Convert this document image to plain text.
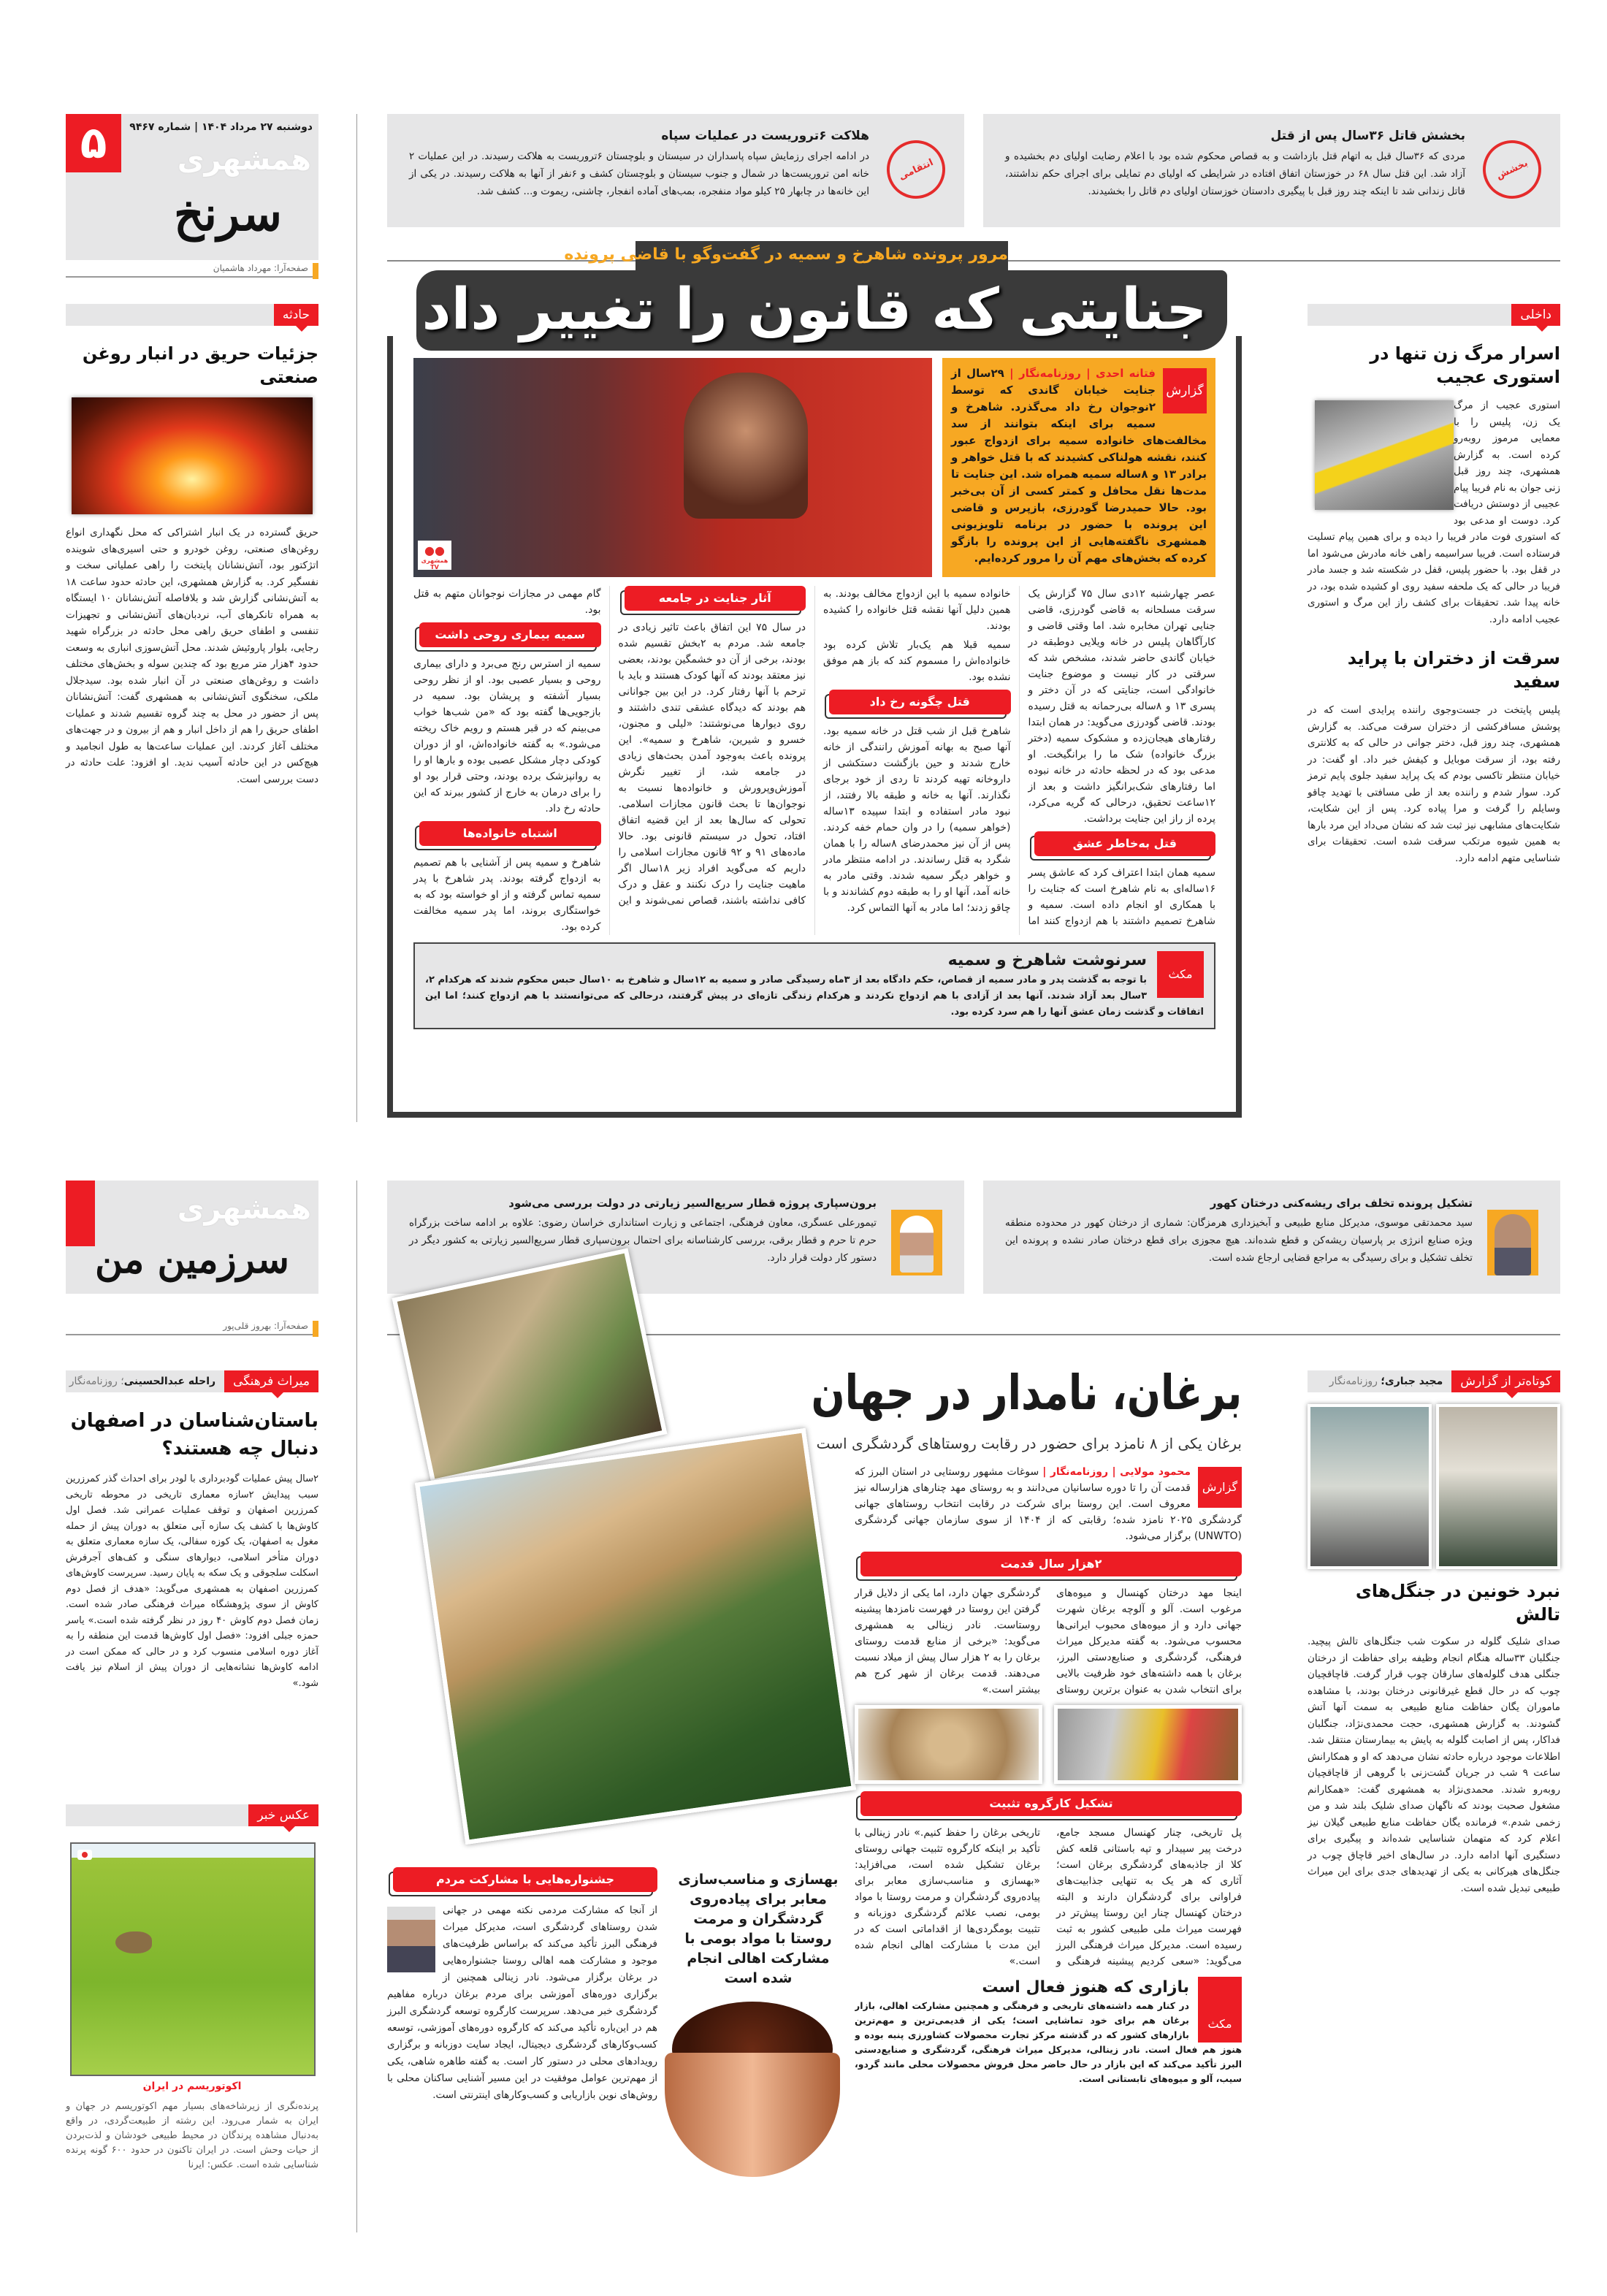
۵	دوشنبه ۲۷ مرداد ۱۴۰۴ | شماره ۹۴۶۷
همشهری
سرنخ
صفحه‌آرا: مهرداد هاشمیان
انتقامی
هلاکت ۶تروریست در عملیات سپاه
در ادامه اجرای رزمایش سپاه پاسداران در سیستان و بلوچستان ۶تروریست به هلاکت رسیدند. در این عملیات ۲ خانه امن تروریست‌ها در شمال و جنوب سیستان و بلوچستان کشف و ۶نفر از آنها به هلاکت رسیدند. در یکی از این خانه‌ها در چابهار ۲۵ کیلو مواد منفجره، بمب‌های آماده انفجار، چاشنی، ریموت و... کشف شد.
بخشش
بخشش قاتل ۳۶سال پس از قتل
مردی که ۳۶سال قبل به اتهام قتل بازداشت و به قصاص محکوم شده بود با اعلام رضایت اولیای دم بخشیده و آزاد شد. این قتل سال ۶۸ در خوزستان اتفاق افتاده در شرایطی که اولیای دم تمایلی برای اجرای حکم نداشتند، قاتل زندانی شد تا اینکه چند روز قبل با پیگیری دادستان خوزستان اولیای دم قاتل را بخشیدند.
مرور پرونده شاهرخ و سمیه در گفت‌وگو با قاضی پرونده
جنایتی که قانون را تغییر داد
●●
همشهری TV
گزارش
فتانه احدی | روزنامه‌نگار | ۲۹سال از جنایت خیابان گاندی که توسط ۲نوجوان رخ داد می‌گذرد. شاهرخ و سمیه برای اینکه بتوانند از سد مخالفت‌های خانواده سمیه برای ازدواج عبور کنند، نقشه هولناکی کشیدند که با قتل خواهر و برادر ۱۳ و ۸ساله سمیه همراه شد. این جنایت تا مدت‌ها نقل محافل و کمتر کسی از آن بی‌خبر بود. حالا حمیدرضا گودرزی، بازپرس و قاضی این پرونده با حضور در برنامه تلویزیونی همشهری ناگفته‌هایی از این پرونده را بازگو کرده که بخش‌های مهم آن را مرور کرده‌ایم.
عصر چهارشنبه ۱۲دی سال ۷۵ گزارش یک سرقت مسلحانه به قاضی گودرزی، قاضی جنایی تهران مخابره شد. اما وقتی قاضی و کارآگاهان پلیس در خانه ویلایی دوطبقه در خیابان گاندی حاضر شدند، مشخص شد که سرقتی در کار نیست و موضوع جنایت خانوادگی است، جنایتی که در آن دختر و پسری ۱۳ و ۸ساله بی‌رحمانه به قتل رسیده بودند. قاضی گودرزی می‌گوید: در همان ابتدا رفتارهای هیجان‌زده و مشکوک سمیه (دختر بزرگ خانواده) شک ما را برانگیخت. او مدعی بود که در لحظه حادثه در خانه نبوده اما رفتارهای شک‌برانگیز داشت و بعد از ۱۲ساعت تحقیق، درحالی که گریه می‌کرد، پرده از راز این جنایت برداشت.
قتل به‌خاطر عشق
سمیه همان ابتدا اعتراف کرد که عاشق پسر ۱۶ساله‌ای به نام شاهرخ است که جنایت را با همکاری او انجام داده است. سمیه و شاهرخ تصمیم داشتند با هم ازدواج کنند اما خانواده سمیه با این ازدواج مخالف بودند. به همین دلیل آنها نقشه قتل خانواده را کشیده بودند.
سمیه قبلا هم یک‌بار تلاش کرده بود خانواده‌اش را مسموم کند که باز هم موفق نشده بود.
قتل چگونه رخ داد
شاهرخ قبل از شب قتل در خانه سمیه بود. آنها صبح به بهانه آموزش رانندگی از خانه خارج شدند و حین بازگشت دستکشی از داروخانه تهیه کردند تا ردی از خود برجای نگذارند. آنها به خانه و طبقه بالا رفتند، از نبود مادر استفاده و ابتدا سپیده ۱۳ساله (خواهر سمیه) را در وان حمام خفه کردند. پس از آن نیز محمدرضای ۸ساله را با همان شگرد به قتل رساندند. در ادامه منتظر مادر و خواهر دیگر سمیه شدند. وقتی مادر به خانه آمد، آنها او را به طبقه دوم کشاندند و با چاقو زدند؛ اما مادر به آنها التماس کرد.
آثار جنایت در جامعه
در سال ۷۵ این اتفاق باعث تاثیر زیادی در جامعه شد. مردم به ۲بخش تقسیم شده بودند، برخی از آن دو خشمگین بودند، بعضی نیز معتقد بودند که آنها کودک هستند و باید با ترحم با آنها رفتار کرد. در این بین جوانانی هم بودند که دیدگاه عشقی تندی داشتند و روی دیوارها می‌نوشتند: «لیلی و مجنون، خسرو و شیرین، شاهرخ و سمیه». این پرونده باعث به‌وجود آمدن بحث‌های زیادی در جامعه شد، از تغییر نگرش آموزش‌وپرورش و خانواده‌ها نسبت به نوجوان‌ها تا بحث قانون مجازات اسلامی. تحولی که سال‌ها بعد از این قضیه اتفاق افتاد، تحول در سیستم قانونی بود. حالا ماده‌های ۹۱ و ۹۲ قانون مجازات اسلامی را داریم که می‌گوید افراد زیر ۱۸سال اگر ماهیت جنایت را درک نکنند و عقل و درک کافی نداشته باشند، قصاص نمی‌شوند و این گام مهمی در مجازات نوجوانان متهم به قتل بود.
سمیه بیماری روحی داشت
سمیه از استرس رنج می‌برد و دارای بیماری روحی و بسیار عصبی بود. او از نظر روحی بسیار آشفته و پریشان بود. سمیه در بازجویی‌ها گفته بود که «من شب‌ها خواب می‌بینم که در قبر هستم و رویم خاک ریخته می‌شود.» به گفته خانواده‌اش، او از دوران کودکی دچار مشکل عصبی بوده و بارها او را به روانپزشک برده بودند، وحتی قرار بود او را برای درمان به خارج از کشور ببرند که این حادثه رخ داد.
اشتباه خانواده‌ها
شاهرخ و سمیه پس از آشنایی با هم تصمیم به ازدواج گرفته بودند. پدر شاهرخ با پدر سمیه تماس گرفته و از او خواسته بود که به خواستگاری بروند، اما پدر سمیه مخالفت کرده بود.
مکث
سرنوشت شاهرخ و سمیه
با توجه به گذشت پدر و مادر سمیه از قصاص، حکم دادگاه بعد از ۳ماه رسیدگی صادر و سمیه به ۱۲سال و شاهرخ به ۱۰سال حبس محکوم شدند که هرکدام ۲، ۳سال بعد آزاد شدند. آنها بعد از آزادی با هم ازدواج نکردند و هرکدام زندگی تازه‌ای در پیش گرفتند، درحالی که می‌توانستند با هم ازدواج کنند؛ اما این اتفاقات و گذشت زمان عشق آنها را هم سرد کرده بود.
حادثه
جزئیات حریق در انبار روغن صنعتی
حریق گسترده در یک انبار اشتراکی که محل نگهداری انواع روغن‌های صنعتی، روغن خودرو و حتی اسیری‌های شوینده اتژکتور بود، آتش‌نشانان پایتخت را راهی عملیاتی سخت و نفسگیر کرد. به گزارش همشهری، این حادثه حدود ساعت ۱۸ به آتش‌نشانی گزارش شد و بلافاصله آتش‌نشانان ۱۰ ایستگاه به همراه تانکرهای آب، نردبان‌های آتش‌نشانی و تجهیزات تنفسی و اطفای حریق راهی محل حادثه در بزرگراه شهید رجایی، بلوار پاروئیش شدند. محل آتش‌سوزی انباری به وسعت حدود ۴هزار متر مربع بود که چندین سوله و بخش‌های مختلف داشت و روغن‌های صنعتی در آن انبار شده بود. سیدجلال ملکی، سخنگوی آتش‌نشانی به همشهری گفت: آتش‌نشانان پس از حضور در محل به چند گروه تقسیم شدند و عملیات اطفای حریق را هم از داخل انبار و هم از بیرون و در جهت‌های مختلف آغاز کردند. این عملیات ساعت‌ها به طول انجامید و هیچ‌کس در این حادثه آسیب ندید. او افزود: علت حادثه در دست بررسی است.
داخلی
اسرار مرگ زن تنها در استوری عجیب
استوری عجیب از مرگ یک زن، پلیس را با معمایی مرموز روبه‌رو کرده است. به گزارش همشهری، چند روز قبل زنی جوان به نام فریبا پیام عجیبی از دوستش دریافت کرد. دوست او مدعی بود که استوری فوت مادر فریبا را دیده و برای همین پیام تسلیت فرستاده است. فریبا سراسیمه راهی خانه مادرش می‌شود اما در قفل بود. با حضور پلیس، قفل در شکسته شد و جسد مادر فریبا در حالی که یک ملحفه سفید روی او کشیده شده بود، در خانه پیدا شد. تحقیقات برای کشف راز این مرگ و استوری عجیب ادامه دارد.
سرقت از دختران با پراید سفید
پلیس پایتخت در جست‌وجوی راننده پرایدی است که در پوشش مسافرکشی از دختران سرقت می‌کند. به گزارش همشهری، چند روز قبل، دختر جوانی در حالی که به کلانتری رفته بود، از سرقت موبایل و کیفش خبر داد. او گفت: در خیابان منتظر تاکسی بودم که یک پراید سفید جلوی پایم ترمز کرد. سوار شدم و راننده بعد از طی مسافتی با تهدید چاقو وسایلم را گرفت و مرا پیاده کرد. پس از این شکایت، شکایت‌های مشابهی نیز ثبت شد که نشان می‌داد این مرد بارها به همین شیوه مرتکب سرقت شده است. تحقیقات برای شناسایی متهم ادامه دارد.
همشهری
سرزمین من
صفحه‌آرا: بهروز قلی‌پور
برون‌سپاری پروژه قطار سریع‌السیر زیارتی در دولت بررسی می‌شود
تیمورعلی عسگری، معاون فرهنگی، اجتماعی و زیارت استانداری خراسان رضوی: علاوه بر ادامه ساخت بزرگراه حرم تا حرم و قطار برقی، بررسی کارشناسانه برای احتمال برون‌سپاری قطار سریع‌السیر زیارتی به کشور دیگر در دستور کار دولت قرار دارد.
تشکیل پرونده تخلف برای ریشه‌کنی درختان کهور
سید محمدتقی موسوی، مدیرکل منابع طبیعی و آبخیزداری هرمزگان: شماری از درختان کهور در محدوده منطقه ویژه صنایع انرژی بر پارسیان ریشه‌کن و قطع شده‌اند. هیچ مجوزی برای قطع درختان صادر نشده و پرونده این تخلف تشکیل و برای رسیدگی به مراجع قضایی ارجاع شده است.
برغان، نامدار در جهان
برغان یکی از ۸ نامزد برای حضور در رقابت روستاهای گردشگری است
گزارش
محمود مولایی | روزنامه‌نگار | سوغات مشهور روستایی در استان البرز که قدمت آن را تا دوره ساسانیان می‌دانند و به روستای مهد چنارهای هزارساله نیز معروف است. این روستا برای شرکت در رقابت انتخاب روستاهای جهانی گردشگری ۲۰۲۵ نامزد شده؛ رقابتی که از ۱۴۰۴ از سوی سازمان جهانی گردشگری (UNWTO) برگزار می‌شود.
۲هزار سال قدمت
اینجا مهد درختان کهنسال و میوه‌های مرغوب است. آلو و آلوچه برغان شهرت جهانی دارد و از میوه‌های محبوب ایرانی‌ها محسوب می‌شود. به گفته مدیرکل میراث فرهنگی، گردشگری و صنایع‌دستی البرز، برغان با همه داشته‌های خود ظرفیت بالایی برای انتخاب شدن به عنوان برترین روستای گردشگری جهان دارد، اما یکی از دلایل قرار گرفتن این روستا در فهرست نامزدها پیشینه روستاست. نادر زینالی به همشهری می‌گوید: «برخی از منابع قدمت روستای برغان را به ۲ هزار سال پیش از میلاد نسبت می‌دهند. قدمت برغان از شهر کرج هم بیشتر است.»
تشکیل کارگروه تثبیت
پل تاریخی، چنار کهنسال مسجد جامع، درخت پیر سپیدار و تپه باستانی قلعه کش کلا از جاذبه‌های گردشگری برغان است؛ آثاری که هر یک به تنهایی جذابیت‌های فراوانی برای گردشگران دارند و البته درختان کهنسال چنار این روستا پیش‌تر در فهرست میراث ملی طبیعی کشور به ثبت رسیده است. مدیرکل میراث فرهنگی البرز می‌گوید: «سعی کردیم پیشینه فرهنگی و تاریخی برغان را حفظ کنیم.» نادر زینالی با تأکید بر اینکه کارگروه تثبیت جهانی روستای برغان تشکیل شده است، می‌افزاید: «بهسازی و مناسب‌سازی معابر برای پیاده‌روی گردشگران و مرمت روستا با مواد بومی، نصب علائم گردشگری دوزبانه و تثبیت بومگردی‌ها از اقداماتی است که در این مدت با مشارکت اهالی انجام شده است.»
مکث
بازاری که هنوز فعال است
در کنار همه داشته‌های تاریخی و فرهنگی و همچنین مشارکت اهالی، بازار برغان هم برای خود تماشایی است؛ یکی از قدیمی‌ترین و مهم‌ترین بازارهای کشور که در گذشته مرکز تجارت محصولات کشاورزی پنبه بوده و هنوز هم فعال است. نادر زینالی، مدیرکل میراث فرهنگی، گردشگری و صنایع‌دستی البرز تأکید می‌کند که این بازار در حال حاضر محل فروش محصولات محلی مانند گردو، سیب، آلو و میوه‌های تابستانی است.
بهسازی و مناسب‌سازی معابر برای پیاده‌روی گردشگران و مرمت روستا با مواد بومی با مشارکت اهالی انجام شده است
جشنواره‌هایی با مشارکت مردم
از آنجا که مشارکت مردمی نکته مهمی در جهانی شدن روستاهای گردشگری است، مدیرکل میراث فرهنگی البرز تأکید می‌کند که براساس ظرفیت‌های موجود و مشارکت همه اهالی روستا جشنواره‌هایی در برغان برگزار می‌شود. نادر زینالی همچنین از برگزاری دوره‌های آموزشی برای مردم برغان درباره مفاهیم گردشگری خبر می‌دهد. سرپرست کارگروه توسعه گردشگری البرز هم در این‌باره تأکید می‌کند که کارگروه دوره‌های آموزشی، توسعه کسب‌وکارهای گردشگری دیجیتال، ایجاد سایت دوزبانه و برگزاری رویدادهای محلی در دستور کار است. به گفته طاهره شاهی، یکی از مهم‌ترین عوامل موفقیت در این مسیر آشنایی ساکنان محلی با روش‌های نوین بازاریابی و کسب‌وکارهای اینترنتی است.
میراث فرهنگی
راحله عبدالحسینی؛ روزنامه‌نگار
باستان‌شناسان در اصفهان دنبال چه هستند؟
۲سال پیش عملیات گودبرداری با لودر برای احداث گذر کمرزرین سبب پیدایش ۲سازه معماری تاریخی در محوطه تاریخی کمرزرین اصفهان و توقف عملیات عمرانی شد. فصل اول کاوش‌ها با کشف یک سازه آبی متعلق به دوران پیش از حمله مغول به اصفهان، یک کوزه سفالی، یک سازه معماری متعلق به دوران متأخر اسلامی، دیوارهای سنگی و کف‌های آجرفرش اسکلت سلجوقی و یک سکه به پایان رسید. سرپرست کاوش‌های کمرزرین اصفهان به همشهری می‌گوید: «هدف از فصل دوم کاوش از سوی پژوهشگاه میراث فرهنگی صادر شده است. زمان فصل دوم کاوش ۴۰ روز در نظر گرفته شده است.» یاسر حمزه جبلی افزود: «فصل اول کاوش‌ها قدمت این منطقه را به آغاز دوره اسلامی منسوب کرد و در حالی که ممکن است در ادامه کاوش‌ها نشانه‌هایی از دوران پیش از اسلام نیز یافت شود.»
عکس خبر
اکوتوریسم در ایران
پرنده‌نگری از زیرشاخه‌های بسیار مهم اکوتوریسم در جهان و ایران به شمار می‌رود. این رشته از طبیعت‌گردی، در واقع به‌دنبال مشاهده پرندگان در محیط طبیعی خودشان و لذت‌بردن از حیات وحش است. در ایران تاکنون در حدود ۶۰۰ گونه پرنده شناسایی شده است. عکس: ایرنا
کوتاه‌تر از گزارش
مجید جباری؛ روزنامه‌نگار
نبرد خونین در جنگل‌های تالش
صدای شلیک گلوله در سکوت شب جنگل‌های تالش پیچید. جنگلبان ۳۳ساله هنگام انجام وظیفه برای حفاظت از درختان جنگلی هدف گلوله‌های سارقان چوب قرار گرفت. قاچاقچیان چوب که در حال قطع غیرقانونی درختان بودند، با مشاهده ماموران یگان حفاظت منابع طبیعی به سمت آنها آتش گشودند. به گزارش همشهری، حجت محمدی‌نژاد، جنگلبان فداکار، پس از اصابت گلوله به پایش به بیمارستان منتقل شد. اطلاعات موجود درباره حادثه نشان می‌دهد که او و همکارانش ساعت ۹ شب در جریان گشت‌زنی با گروهی از قاچاقچیان روبه‌رو شدند. محمدی‌نژاد به همشهری گفت: «همکارانم مشغول صحبت بودند که ناگهان صدای شلیک بلند شد و من زخمی شدم.» فرمانده یگان حفاظت منابع طبیعی گیلان نیز اعلام کرد که متهمان شناسایی شده‌اند و پیگیری برای دستگیری آنها ادامه دارد. در سال‌های اخیر قاچاق چوب در جنگل‌های هیرکانی به یکی از تهدیدهای جدی برای این میراث طبیعی تبدیل شده است.
